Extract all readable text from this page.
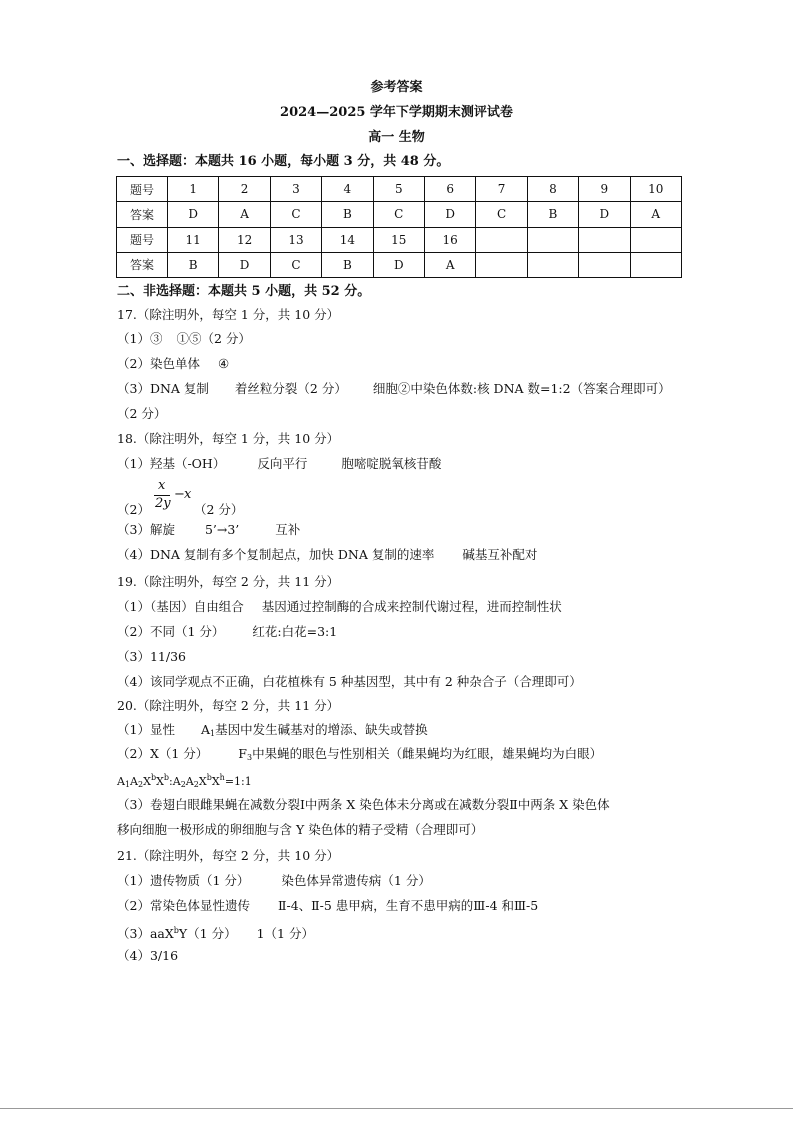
参考答案
2024—2025 学年下学期期末测评试卷
高一 生物
一、选择题：本题共 16 小题，每小题 3 分，共 48 分。
题号	1	2	3	4	5	6	7	8	9	10
答案	D	A	C	B	C	D	C	B	D	A
题号	11	12	13	14	15	16				
答案	B	D	C	B	D	A				
二、非选择题：本题共 5 小题，共 52 分。
17.（除注明外，每空 1 分，共 10 分）
（1）③ ①⑤（2 分）
（2）染色单体 ④
（3）DNA 复制 着丝粒分裂（2 分） 细胞②中染色体数:核 DNA 数=1:2（答案合理即可）
（2 分）
18.（除注明外，每空 1 分，共 10 分）
（1）羟基（-OH）	反向平行	胞嘧啶脱氧核苷酸
x
2y
− x
（2）	（2 分）
（3）解旋 5’→3’	互补
（4）DNA 复制有多个复制起点，加快 DNA 复制的速率 碱基互补配对
19.（除注明外，每空 2 分，共 11 分）
（1）（基因）自由组合 基因通过控制酶的合成来控制代谢过程，进而控制性状
（2）不同（1 分） 红花:白花=3:1
（3）11/36
（4）该同学观点不正确，白花植株有 5 种基因型，其中有 2 种杂合子（合理即可）
20.（除注明外，每空 2 分，共 11 分）
（1）显性 $A_1$基因中发生碱基对的增添、缺失或替换
（2）X（1 分） $F_3$中果蝇的眼色与性别相关（雌果蝇均为红眼，雄果蝇均为白眼）
$A_1A_2X^bX^b:A_2A_2X^bX^h=1:1$
（3）卷翅白眼雌果蝇在减数分裂Ⅰ中两条 X 染色体未分离或在减数分裂Ⅱ中两条 X 染色体
移向细胞一极形成的卵细胞与含 Y 染色体的精子受精（合理即可）
21.（除注明外，每空 2 分，共 10 分）
（1）遗传物质（1 分）	染色体异常遗传病（1 分）
（2）常染色体显性遗传 Ⅱ-4、Ⅱ-5 患甲病，生育不患甲病的Ⅲ-4 和Ⅲ-5
（3）aaX$^b$Y（1 分） 1（1 分）
（4）3/16
